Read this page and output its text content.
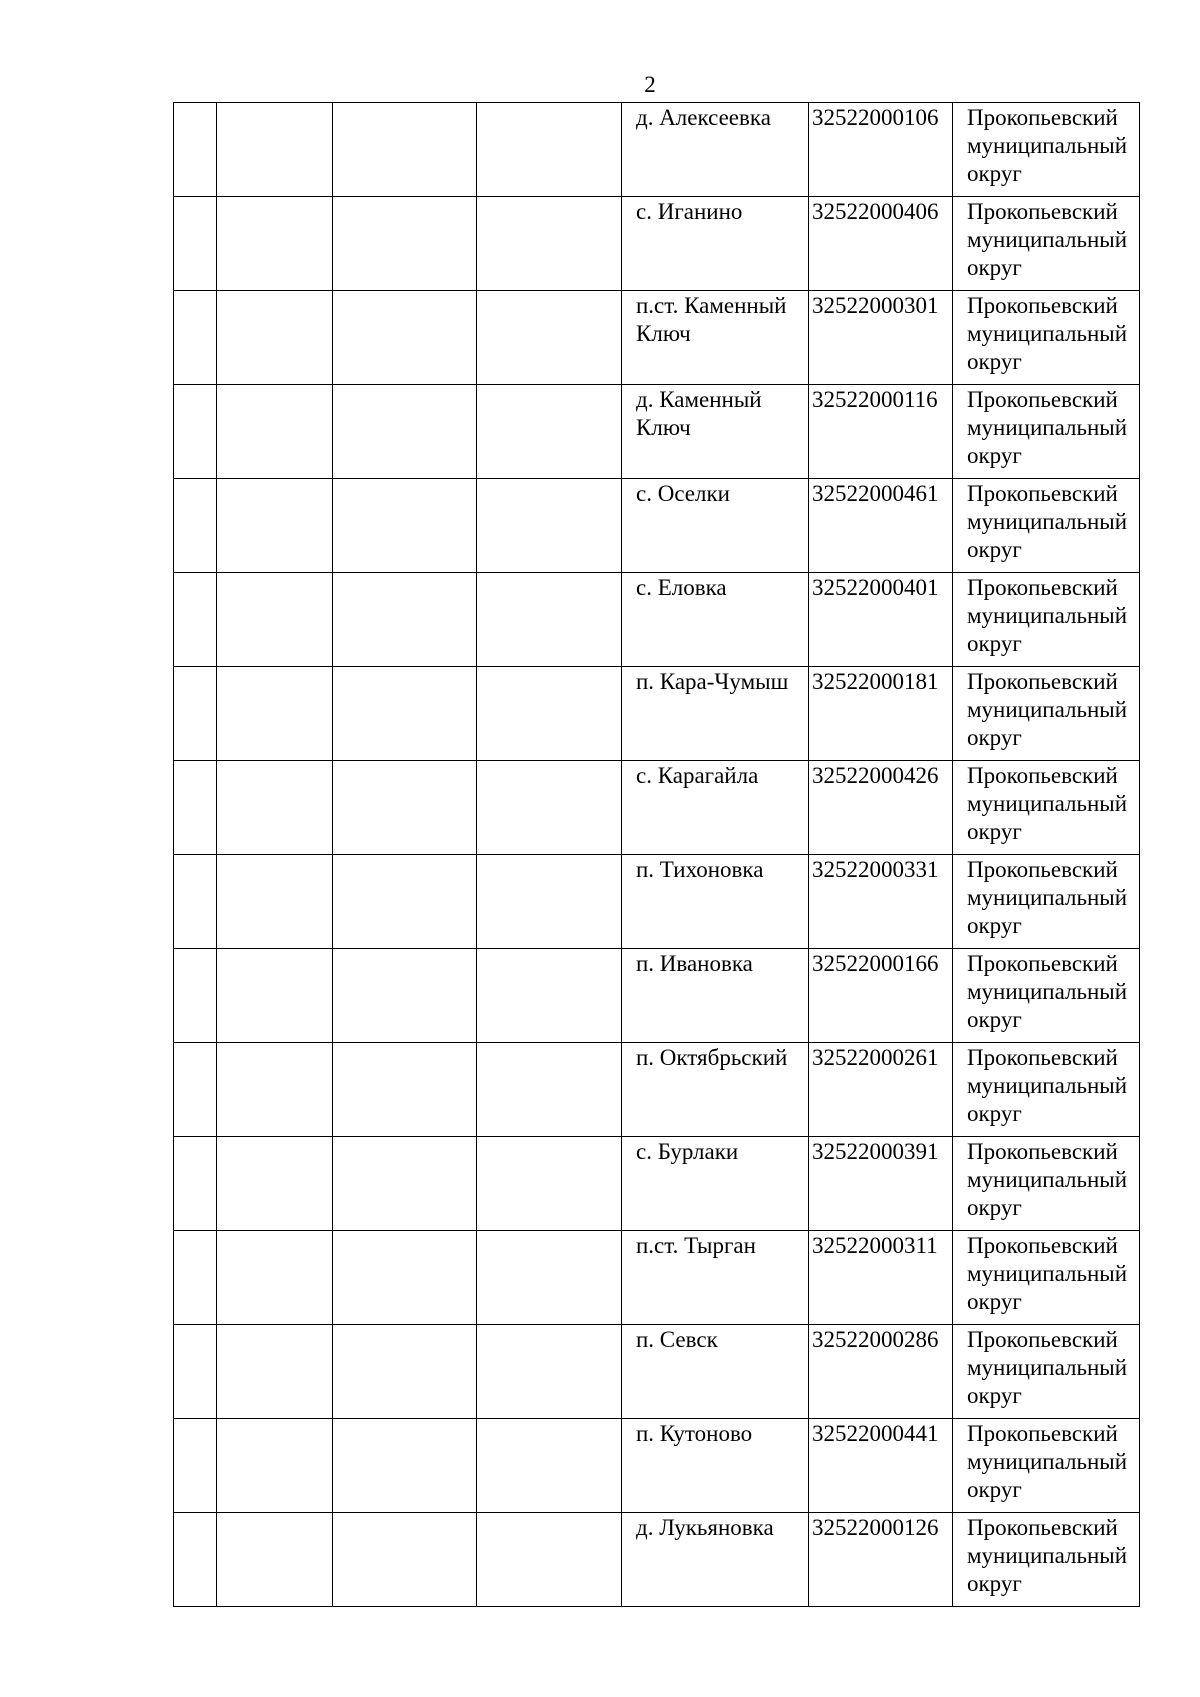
2
				д. Алексеевка	32522000106	Прокопьевский
муниципальный
округ

				с. Иганино	32522000406	Прокопьевский
муниципальный
округ

				п.ст. Каменный Ключ	32522000301	Прокопьевский
муниципальный
округ

				д. Каменный Ключ	32522000116	Прокопьевский
муниципальный
округ

				с. Оселки	32522000461	Прокопьевский
муниципальный
округ

				с. Еловка	32522000401	Прокопьевский
муниципальный
округ

				п. Кара-Чумыш	32522000181	Прокопьевский
муниципальный
округ

				с. Карагайла	32522000426	Прокопьевский
муниципальный
округ

				п. Тихоновка	32522000331	Прокопьевский
муниципальный
округ

				п. Ивановка	32522000166	Прокопьевский
муниципальный
округ

				п. Октябрьский	32522000261	Прокопьевский
муниципальный
округ

				с. Бурлаки	32522000391	Прокопьевский
муниципальный
округ

				п.ст. Тырган	32522000311	Прокопьевский
муниципальный
округ

				п. Севск	32522000286	Прокопьевский
муниципальный
округ

				п. Кутоново	32522000441	Прокопьевский
муниципальный
округ

				д. Лукьяновка	32522000126	Прокопьевский
муниципальный
округ
